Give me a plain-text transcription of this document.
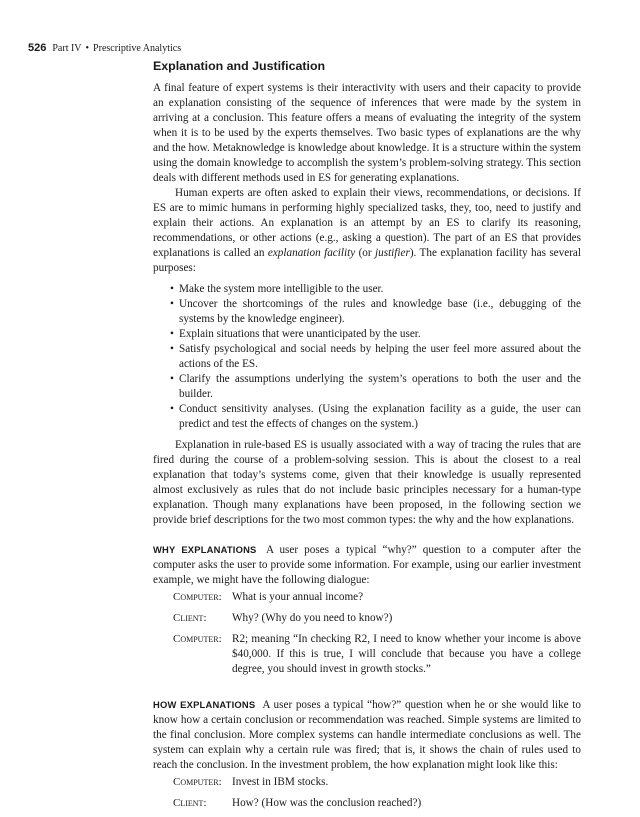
526 Part IV • Prescriptive Analytics
Explanation and Justification

A final feature of expert systems is their interactivity with users and their capacity to provide an explanation consisting of the sequence of inferences that were made by the system in arriving at a conclusion. This feature offers a means of evaluating the integrity of the system when it is to be used by the experts themselves. Two basic types of explanations are the why and the how. Metaknowledge is knowledge about knowledge. It is a structure within the system using the domain knowledge to accomplish the system’s problem-solving strategy. This section deals with different methods used in ES for generating explanations.

Human experts are often asked to explain their views, recommendations, or decisions. If ES are to mimic humans in performing highly specialized tasks, they, too, need to justify and explain their actions. An explanation is an attempt by an ES to clarify its reasoning, recommendations, or other actions (e.g., asking a question). The part of an ES that provides explanations is called an explanation facility (or justifier). The explanation facility has several purposes:

• Make the system more intelligible to the user.
• Uncover the shortcomings of the rules and knowledge base (i.e., debugging of the systems by the knowledge engineer).
• Explain situations that were unanticipated by the user.
• Satisfy psychological and social needs by helping the user feel more assured about the actions of the ES.
• Clarify the assumptions underlying the system’s operations to both the user and the builder.
• Conduct sensitivity analyses. (Using the explanation facility as a guide, the user can predict and test the effects of changes on the system.)

Explanation in rule-based ES is usually associated with a way of tracing the rules that are fired during the course of a problem-solving session. This is about the closest to a real explanation that today’s systems come, given that their knowledge is usually represented almost exclusively as rules that do not include basic principles necessary for a human-type explanation. Though many explanations have been proposed, in the following section we provide brief descriptions for the two most common types: the why and the how explanations.

WHY EXPLANATIONS A user poses a typical “why?” question to a computer after the computer asks the user to provide some information. For example, using our earlier investment example, we might have the following dialogue:

Computer: What is your annual income?
Client:	Why? (Why do you need to know?)
Computer: R2; meaning “In checking R2, I need to know whether your income is above $40,000. If this is true, I will conclude that because you have a college degree, you should invest in growth stocks.”

HOW EXPLANATIONS A user poses a typical “how?” question when he or she would like to know how a certain conclusion or recommendation was reached. Simple systems are limited to the final conclusion. More complex systems can handle intermediate conclusions as well. The system can explain why a certain rule was fired; that is, it shows the chain of rules used to reach the conclusion. In the investment problem, the how explanation might look like this:

Computer: Invest in IBM stocks.
Client:	How? (How was the conclusion reached?)
